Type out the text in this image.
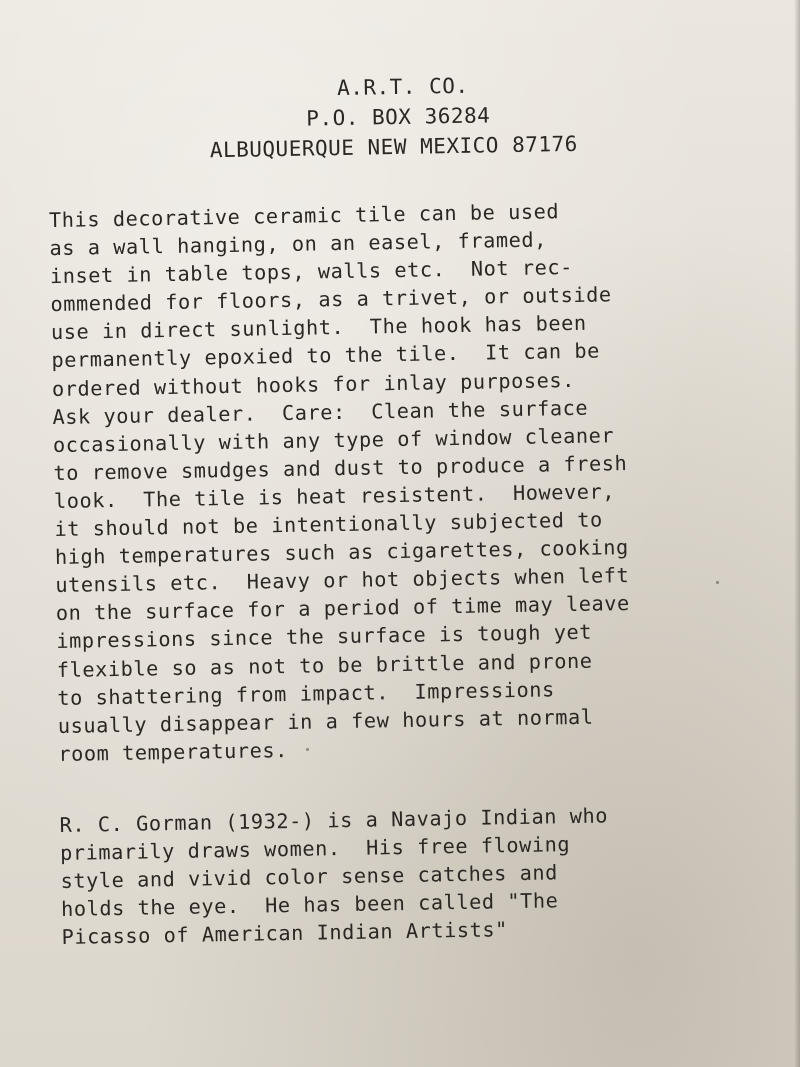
A.R.T. CO.
P.O. BOX 36284
ALBUQUERQUE NEW MEXICO 87176
This decorative ceramic tile can be used
as a wall hanging, on an easel, framed,
inset in table tops, walls etc.  Not rec-
ommended for floors, as a trivet, or outside
use in direct sunlight.  The hook has been
permanently epoxied to the tile.  It can be
ordered without hooks for inlay purposes.
Ask your dealer.  Care:  Clean the surface
occasionally with any type of window cleaner
to remove smudges and dust to produce a fresh
look.  The tile is heat resistent.  However,
it should not be intentionally subjected to
high temperatures such as cigarettes, cooking
utensils etc.  Heavy or hot objects when left
on the surface for a period of time may leave
impressions since the surface is tough yet
flexible so as not to be brittle and prone
to shattering from impact.  Impressions
usually disappear in a few hours at normal
room temperatures.
R. C. Gorman (1932-) is a Navajo Indian who
primarily draws women.  His free flowing
style and vivid color sense catches and
holds the eye.  He has been called "The
Picasso of American Indian Artists"
